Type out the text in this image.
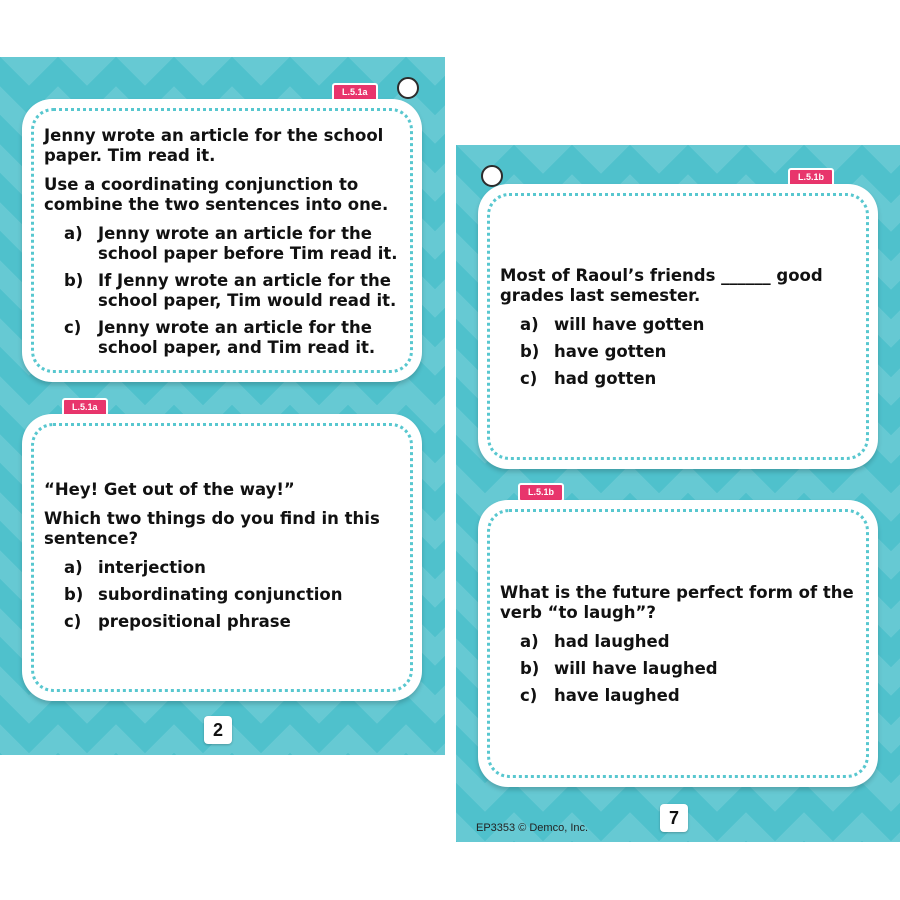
L.5.1a

Jenny wrote an article for the school paper. Tim read it.

Use a coordinating conjunction to combine the two sentences into one.

a) Jenny wrote an article for the school paper before Tim read it.
b) If Jenny wrote an article for the school paper, Tim would read it.
c)	Jenny wrote an article for the school paper, and Tim read it.
L.5.1a

“Hey! Get out of the way!”

Which two things do you find in this sentence?

a) interjection
b) subordinating conjunction
c)	prepositional phrase
2
L.5.1b

Most of Raoul’s friends ______ good grades last semester.

a) will have gotten
b) have gotten
c)	had gotten
L.5.1b

What is the future perfect form of the verb “to laugh”?

a) had laughed
b) will have laughed
c)	have laughed
7
EP3353 © Demco, Inc.
